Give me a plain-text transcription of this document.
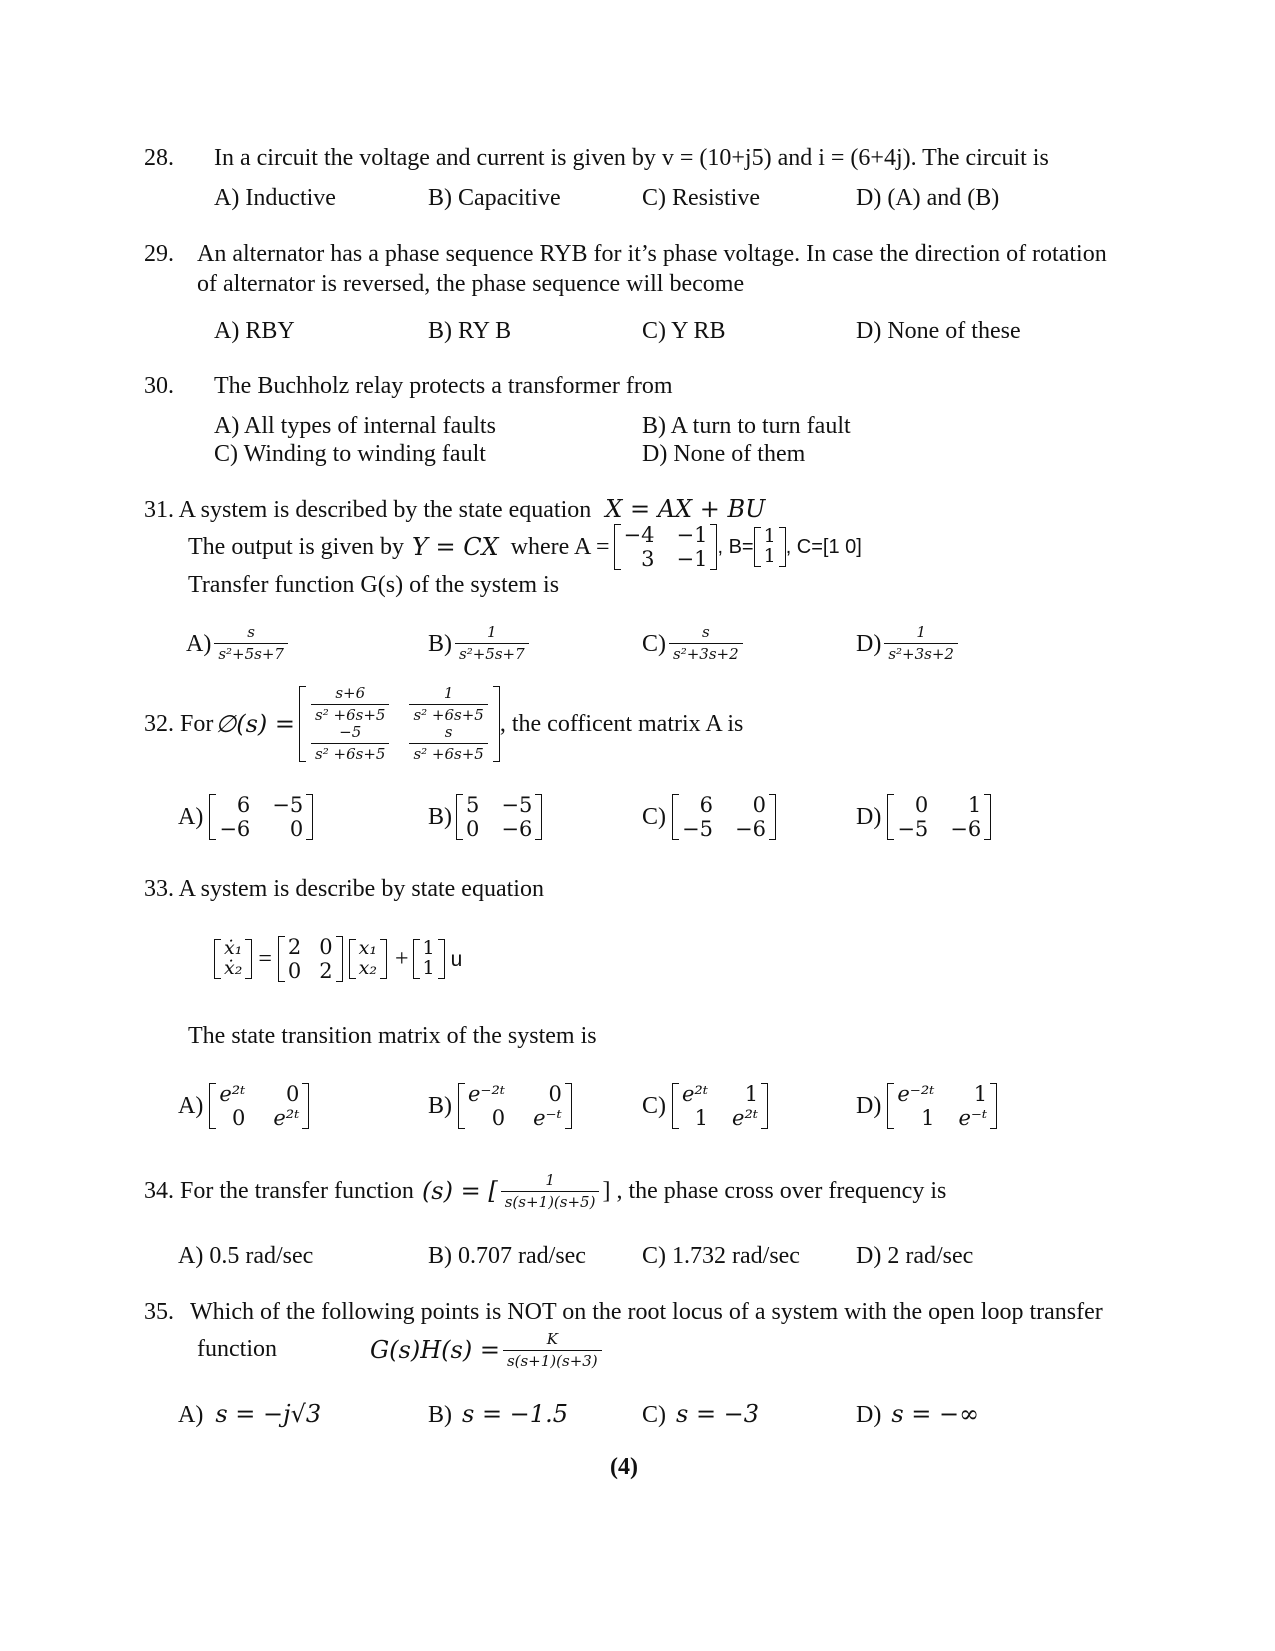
28. In a circuit the voltage and current is given by v = (10+j5) and i = (6+4j). The circuit is
A) Inductive	B) Capacitive	C) Resistive	D) (A) and (B)
29. An alternator has a phase sequence RYB for it’s phase voltage. In case the direction of rotation
of alternator is reversed, the phase sequence will become
A) RBY	B) RY B	C) Y RB	D) None of these
30. The Buchholz relay protects a transformer from
A) All types of internal faults	B) A turn to turn fault
C) Winding to winding fault	D) None of them
31. A system is described by the state equation X = AX + BU
The output is given by Y = CX where A = −4 −1
3 −1 , B= 1
1 , C=[1 0]
Transfer function G(s) of the system is
$A) \frac{s}{\text{s²+5s+7}}$	$B) \frac{1}{\text{s²+5s+7}}$	$C) \frac{s}{\text{s²+3s+2}}$	$D) \frac{1}{\text{s²+3s+2}}$
32. For ∅(s) =
$\frac{s+6}{\text{s² +6s+5}} \frac{1}{\text{s² +6s+5}}$
$\frac{-5}{\text{s² +6s+5}} \frac{s}{\text{s² +6s+5}}$
, the cofficent matrix A is
A)	6 −5
−6	0	B) 5 −5
0 −6	C)	6	0
−5 −6	D)	0	1
−5 −6
33. A system is describe by state equation
ẋ₁
ẋ₂ = 2 0
0 2
x₁
x₂ + 1
1 u
The state transition matrix of the system is
A) e²ᵗ	0
0 e²ᵗ	B) e⁻²ᵗ	0
0 e⁻ᵗ	C) e²ᵗ	1
1 e²ᵗ	D) e⁻²ᵗ	1
1 e⁻ᵗ
34. For the transfer function (s) = [ $\frac{1}{s(s+1)(s+5)}$ ] , the phase cross over frequency is
A) 0.5 rad/sec	B) 0.707 rad/sec C) 1.732 rad/sec D) 2 rad/sec
35. Which of the following points is NOT on the root locus of a system with the open loop transfer
function	$G(s)H(s) = \frac{K}{s(s+1)(s+3)}$
A) s = −j√3	B) s = −1.5	C) s = −3	D) s = −∞
(4)
